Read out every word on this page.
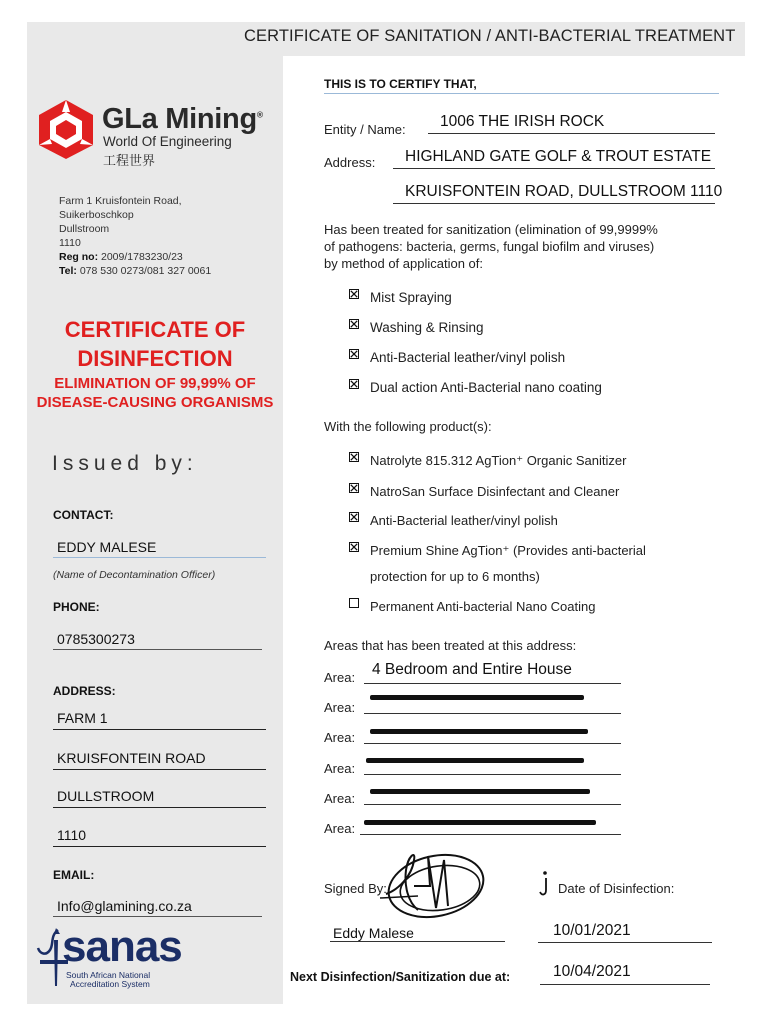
CERTIFICATE OF SANITATION / ANTI-BACTERIAL TREATMENT
GLa Mining®
World Of Engineering
工程世界
Farm 1 Kruisfontein Road,
Suikerboschkop
Dullstroom
1110
Reg no: 2009/1783230/23
Tel: 078 530 0273/081 327 0061
CERTIFICATE OF DISINFECTION
ELIMINATION OF 99,99% OF DISEASE-CAUSING ORGANISMS
Issued by:
CONTACT:
EDDY MALESE
(Name of Decontamination Officer)
PHONE:
0785300273
ADDRESS:
FARM 1
KRUISFONTEIN ROAD
DULLSTROOM
1110
EMAIL:
Info@glamining.co.za
sanas
South African National
Accreditation System
THIS IS TO CERTIFY THAT,
Entity / Name: 1006 THE IRISH ROCK
Address: HIGHLAND GATE GOLF & TROUT ESTATE
KRUISFONTEIN ROAD, DULLSTROOM 1110
Has been treated for sanitization (elimination of 99,9999%
of pathogens: bacteria, germs, fungal biofilm and viruses)
by method of application of:
Mist Spraying
Washing & Rinsing
Anti-Bacterial leather/vinyl polish
Dual action Anti-Bacterial nano coating
With the following product(s):
Natrolyte 815.312 AgTion⁺ Organic Sanitizer
NatroSan Surface Disinfectant and Cleaner
Anti-Bacterial leather/vinyl polish
Premium Shine AgTion⁺ (Provides anti-bacterial
protection for up to 6 months)
Permanent Anti-bacterial Nano Coating
Areas that has been treated at this address:
Area: 4 Bedroom and Entire House
Area:
Area:
Area:
Area:
Area:
Signed By:
Eddy Malese
Date of Disinfection:
10/01/2021
Next Disinfection/Sanitization due at:	10/04/2021
